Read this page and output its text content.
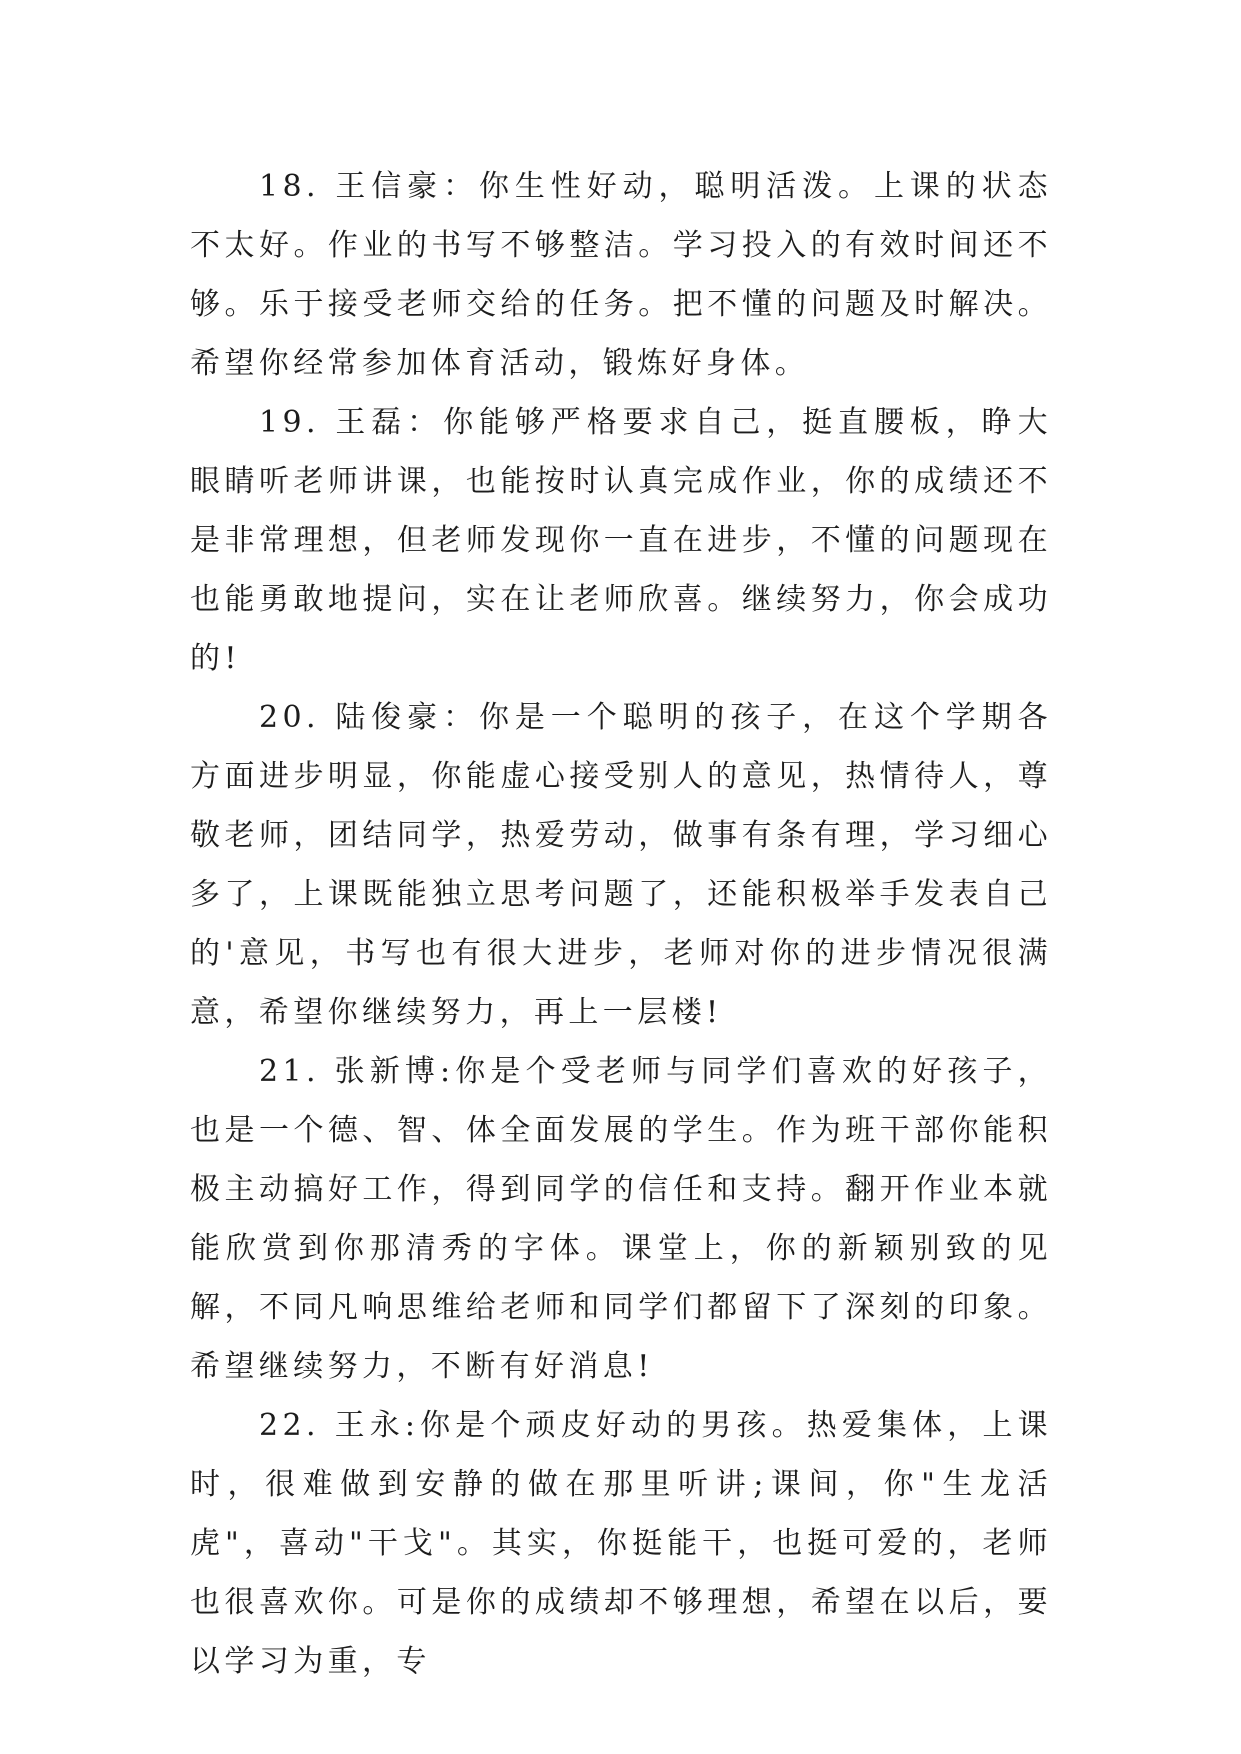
18. 王信豪：你生性好动，聪明活泼。上课的状态不太好。作业的书写不够整洁。学习投入的有效时间还不够。乐于接受老师交给的任务。把不懂的问题及时解决。希望你经常参加体育活动，锻炼好身体。

19. 王磊：你能够严格要求自己，挺直腰板，睁大眼睛听老师讲课，也能按时认真完成作业，你的成绩还不是非常理想，但老师发现你一直在进步，不懂的问题现在也能勇敢地提问，实在让老师欣喜。继续努力，你会成功的!

20. 陆俊豪：你是一个聪明的孩子，在这个学期各方面进步明显，你能虚心接受别人的意见，热情待人，尊敬老师，团结同学，热爱劳动，做事有条有理，学习细心多了，上课既能独立思考问题了，还能积极举手发表自己的'意见，书写也有很大进步，老师对你的进步情况很满意，希望你继续努力，再上一层楼!

21. 张新博:你是个受老师与同学们喜欢的好孩子，也是一个德、智、体全面发展的学生。作为班干部你能积极主动搞好工作，得到同学的信任和支持。翻开作业本就能欣赏到你那清秀的字体。课堂上，你的新颖别致的见解，不同凡响思维给老师和同学们都留下了深刻的印象。希望继续努力，不断有好消息!

22. 王永:你是个顽皮好动的男孩。热爱集体，上课时，很难做到安静的做在那里听讲;课间，你"生龙活虎"，喜动"干戈"。其实，你挺能干，也挺可爱的，老师也很喜欢你。可是你的成绩却不够理想，希望在以后，要以学习为重，专
